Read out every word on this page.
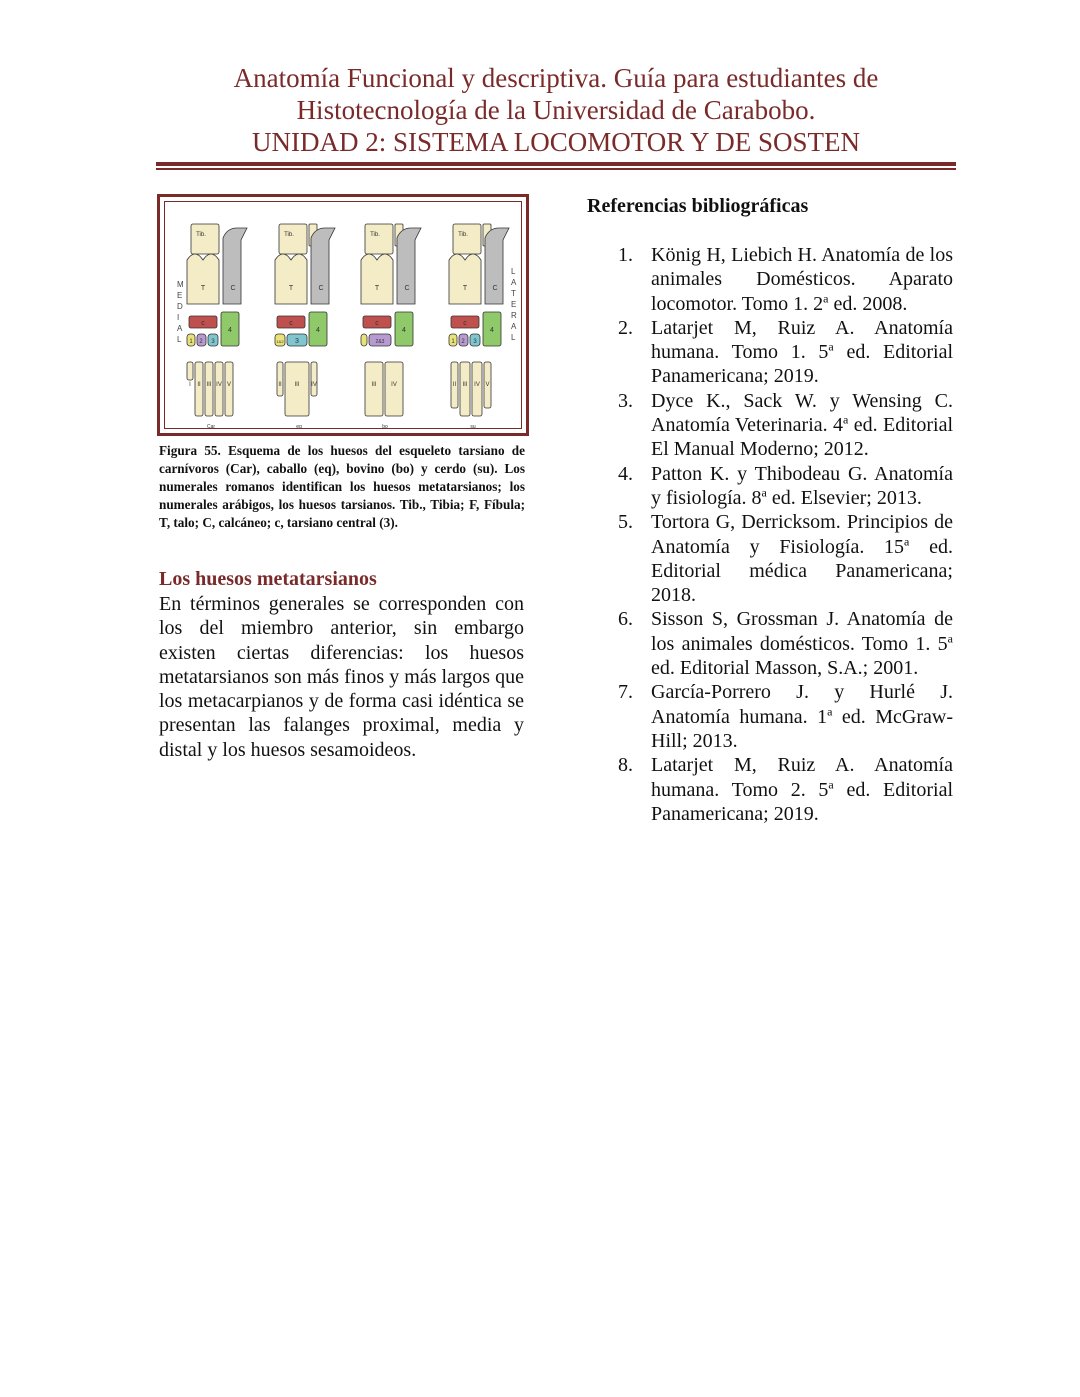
Anatomía Funcional y descriptiva. Guía para estudiantes de
Histotecnología de la Universidad de Carabobo.
UNIDAD 2: SISTEMA LOCOMOTOR Y DE SOSTEN
M E D I A L
L A T E R A L
Tib.
T	C
c
4
1 2 3
I II III IV V
Car
Tib.
T	C
c
4
1&2 3
II III IV
eq
Tib.
T	C
c
4
2&3
III IV
bo
Tib.
T	C
c
4
1 2 3
II III IV V
su
Figura 55. Esquema de los huesos del esqueleto tarsiano de carnívoros (Car), caballo (eq), bovino (bo) y cerdo (su). Los numerales romanos identifican los huesos metatarsianos; los numerales arábigos, los huesos tarsianos. Tib., Tibia; F, Fíbula; T, talo; C, calcáneo; c, tarsiano central (3).
Los huesos metatarsianos
En términos generales se corresponden con los del miembro anterior, sin embargo existen ciertas diferencias: los huesos metatarsianos son más finos y más largos que los metacarpianos y de forma casi idéntica se presentan las falanges proximal, media y distal y los huesos sesamoideos.
Referencias bibliográficas
1. König H, Liebich H. Anatomía de los animales Domésticos. Aparato locomotor. Tomo 1. 2$^a$ ed. 2008.
2. Latarjet M, Ruiz A. Anatomía humana. Tomo 1. 5$^a$ ed. Editorial Panamericana; 2019.
3. Dyce K., Sack W. y Wensing C. Anatomía Veterinaria. 4$^a$ ed. Editorial El Manual Moderno; 2012.
4. Patton K. y Thibodeau G. Anatomía y fisiología. 8$^a$ ed. Elsevier; 2013.
5. Tortora G, Derricksom. Principios de Anatomía y Fisiología. 15$^a$ ed. Editorial médica Panamericana; 2018.
6. Sisson S, Grossman J. Anatomía de los animales domésticos. Tomo 1. 5$^a$ ed. Editorial Masson, S.A.; 2001.
7. García-Porrero J. y Hurlé J. Anatomía humana. 1$^a$ ed. McGraw-Hill; 2013.
8. Latarjet M, Ruiz A. Anatomía humana. Tomo 2. 5$^a$ ed. Editorial Panamericana; 2019.
